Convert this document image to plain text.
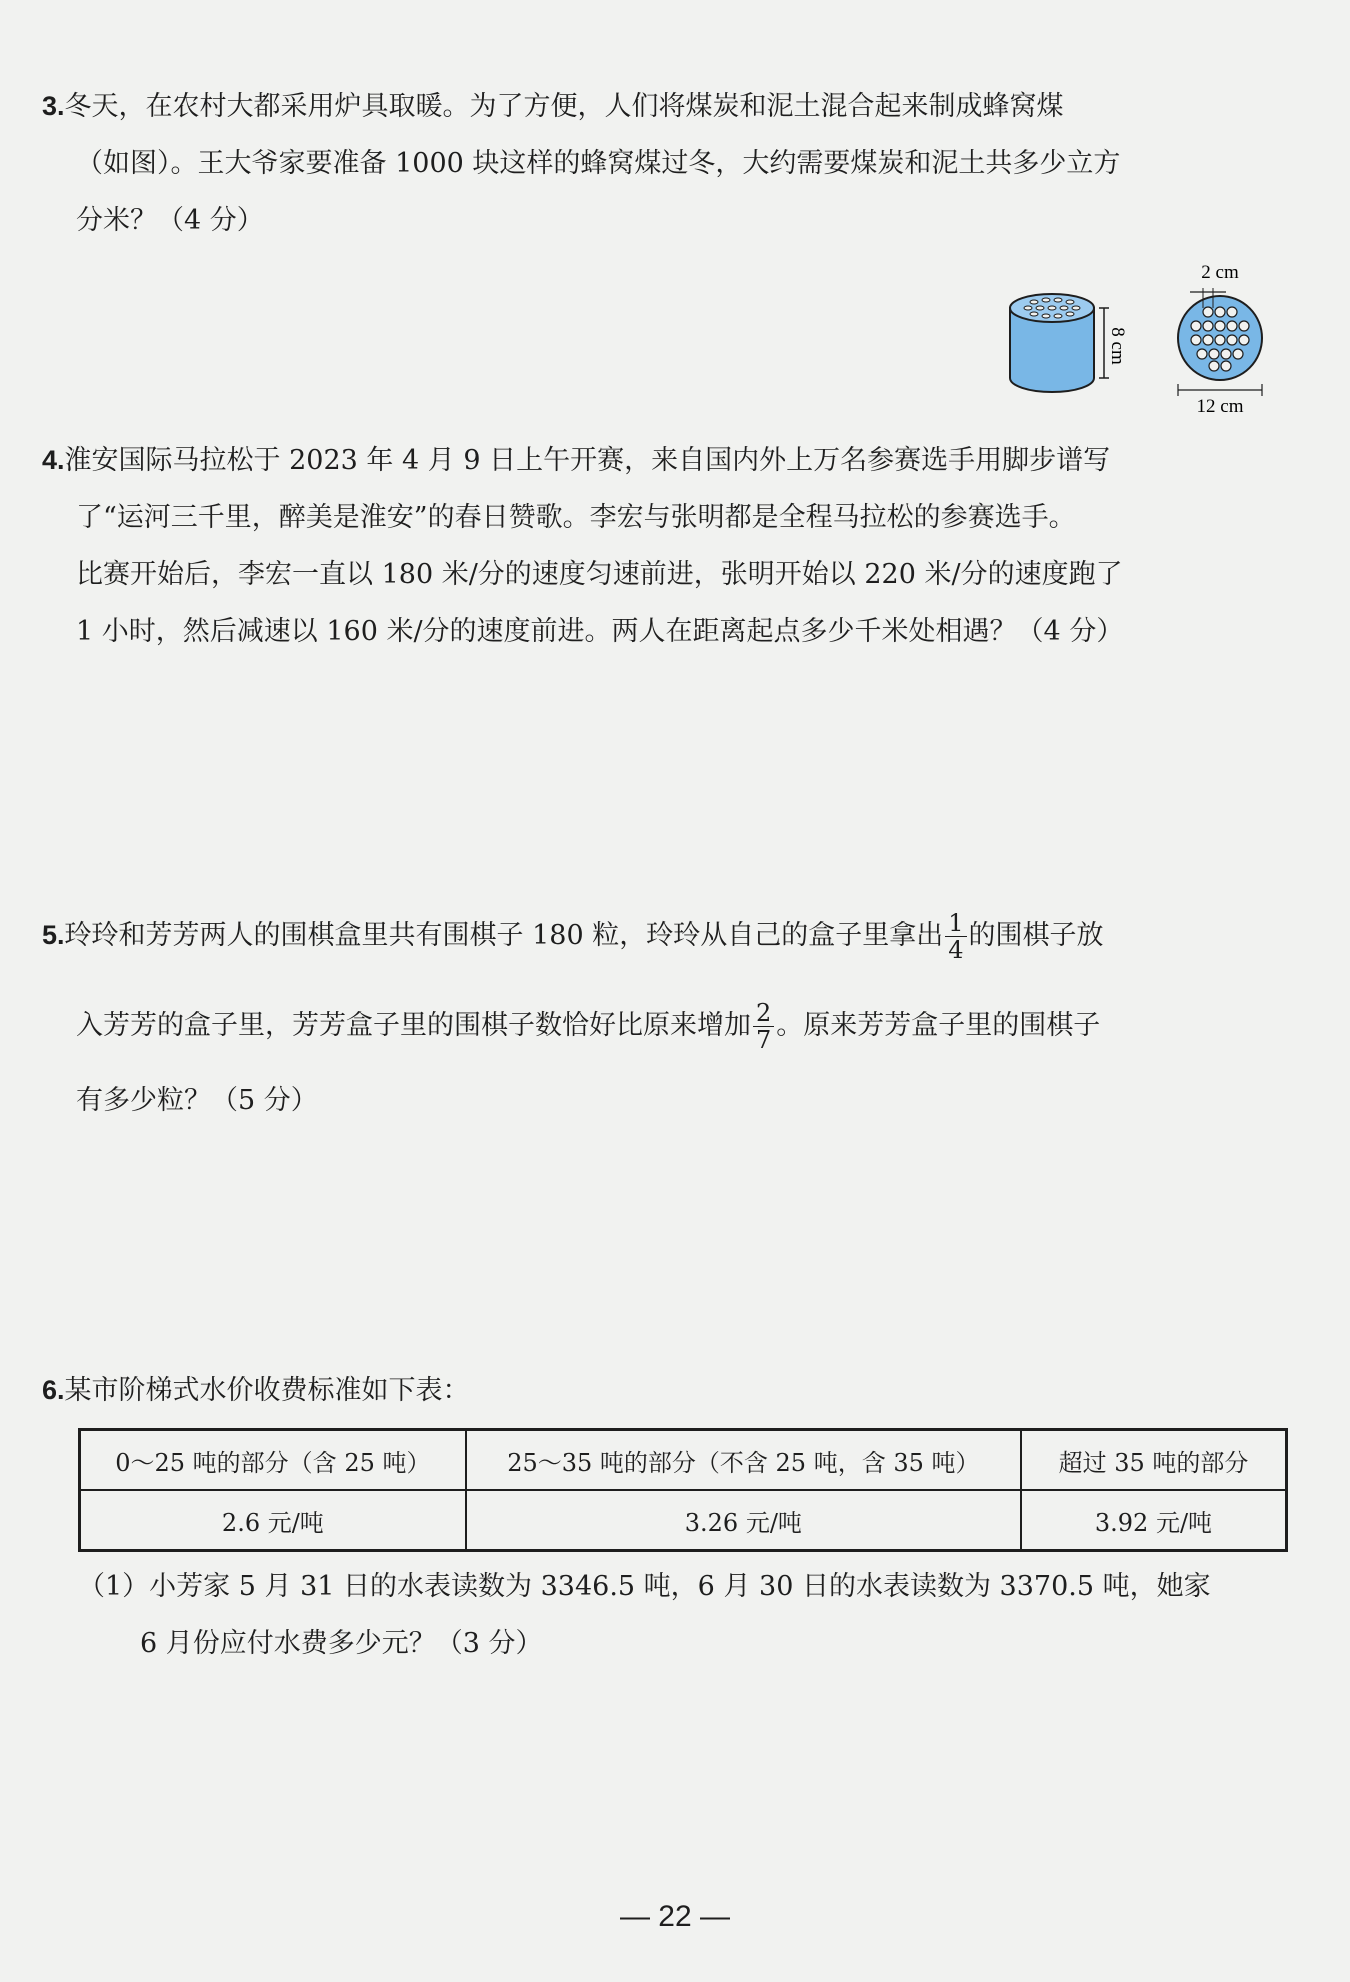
3.冬天，在农村大都采用炉具取暖。为了方便，人们将煤炭和泥土混合起来制成蜂窝煤
（如图）。王大爷家要准备 1000 块这样的蜂窝煤过冬，大约需要煤炭和泥土共多少立方
分米？（4 分）
8 cm
2 cm
12 cm
4.淮安国际马拉松于 2023 年 4 月 9 日上午开赛，来自国内外上万名参赛选手用脚步谱写
了“运河三千里，醉美是淮安”的春日赞歌。李宏与张明都是全程马拉松的参赛选手。
比赛开始后，李宏一直以 180 米/分的速度匀速前进，张明开始以 220 米/分的速度跑了
1 小时，然后减速以 160 米/分的速度前进。两人在距离起点多少千米处相遇？（4 分）
5.玲玲和芳芳两人的围棋盒里共有围棋子 180 粒，玲玲从自己的盒子里拿出 $\frac{1}{4}$ 的围棋子放
入芳芳的盒子里，芳芳盒子里的围棋子数恰好比原来增加 $\frac{2}{7}$ 。原来芳芳盒子里的围棋子
有多少粒？（5 分）
6.某市阶梯式水价收费标准如下表：
0～25 吨的部分（含 25 吨）	25～35 吨的部分（不含 25 吨，含 35 吨）	超过 35 吨的部分
2.6 元/吨	3.26 元/吨	3.92 元/吨
（1）小芳家 5 月 31 日的水表读数为 3346.5 吨，6 月 30 日的水表读数为 3370.5 吨，她家
6 月份应付水费多少元？（3 分）
— 22 —
